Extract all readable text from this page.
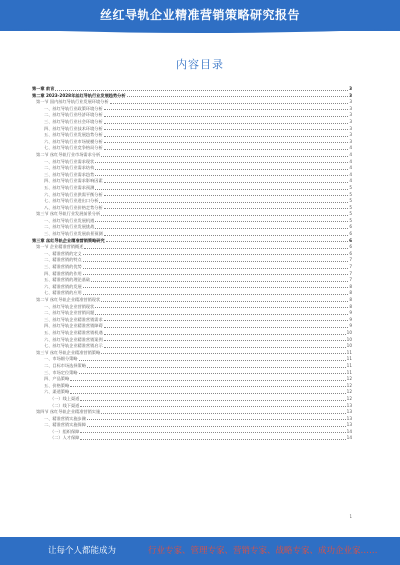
丝红导轨企业精准营销策略研究报告
内容目录
第一章 前言	3
第二章 2023-2028年丝红导轨行业发展趋势分析	3
第一节 国内丝红导轨行业发展环境分析	3
一、丝红导轨行业政策环境分析	3
二、丝红导轨行业经济环境分析	3
三、丝红导轨行业社会环境分析	3
四、丝红导轨行业技术环境分析	3
五、丝红导轨行业发展趋势分析	3
六、丝红导轨行业市场规模分析	3
七、丝红导轨行业竞争格局分析	4
第二节 丝红导轨行业市场需求分析	4
一、丝红导轨行业需求现状	4
二、丝红导轨行业需求结构	4
三、丝红导轨行业需求趋势	4
四、丝红导轨行业需求影响因素	4
五、丝红导轨行业需求预测	5
六、丝红导轨行业供需平衡分析	5
七、丝红导轨行业进出口分析	5
八、丝红导轨行业价格走势分析	5
第三节 丝红导轨行业发展前景分析	5
一、丝红导轨行业发展机遇	5
二、丝红导轨行业发展挑战	6
三、丝红导轨行业发展前景预测	6
第三章 丝红导轨企业精准营销策略研究	6
第一节 企业精准营销概述	6
一、精准营销的定义	6
二、精准营销的特点	7
三、精准营销的优势	7
四、精准营销的作用	7
五、精准营销的理论基础	7
六、精准营销的发展	8
七、精准营销的应用	8
第二节 丝红导轨企业精准营销现状	8
一、丝红导轨企业营销现状	8
二、丝红导轨企业营销问题	9
三、丝红导轨企业精准营销需求	9
四、丝红导轨企业精准营销障碍	9
五、丝红导轨企业精准营销机遇	10
六、丝红导轨企业精准营销案例	10
七、丝红导轨企业精准营销启示	10
第三节 丝红导轨企业精准营销策略	11
一、市场细分策略	11
二、目标市场选择策略	11
三、市场定位策略	11
四、产品策略	12
五、价格策略	12
六、渠道策略	12
（一）线上渠道	12
（二）线下渠道	13
第四节 丝红导轨企业精准营销实施	13
一、精准营销实施步骤	13
二、精准营销实施保障	13
（一）组织保障	14
（二）人才保障	14
1
让每个人都能成为	行业专家、管理专家、营销专家、战略专家、成功企业家……
